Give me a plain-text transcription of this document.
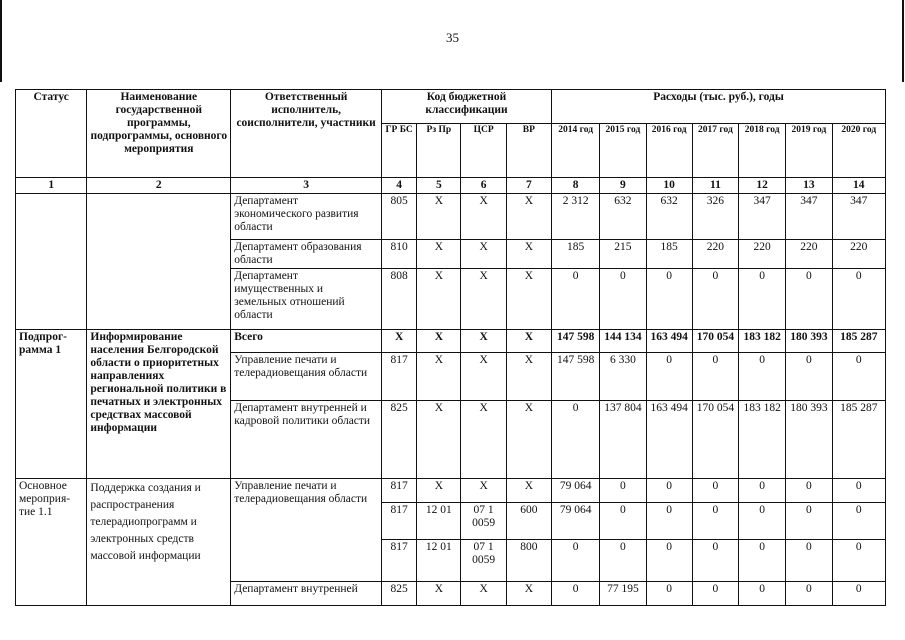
35
Статус	Наименование государственной программы, подпрограммы, основного мероприятия	Ответственный исполнитель, соисполнители, участники	Код бюджетной классификации				Расходы (тыс. руб.), годы						
			ГР БС	Рз Пр	ЦСР	ВР	2014 год	2015 год	2016 год	2017 год	2018 год	2019 год	2020 год
1	2	3	4	5	6	7	8	9	10	11	12	13	14
		Департамент экономического развития области	805	Х	Х	Х	2 312	632	632	326	347	347	347
		Департамент образования области	810	Х	Х	Х	185	215	185	220	220	220	220
		Департамент имущественных и земельных отношений области	808	Х	Х	Х	0	0	0	0	0	0	0
Подпрог-рамма 1	Информирование населения Белгородской области о приоритетных направлениях региональной политики в печатных и электронных средствах массовой информации	Всего	Х	Х	Х	Х	147 598	144 134	163 494	170 054	183 182	180 393	185 287
		Управление печати и телерадиовещания области	817	Х	Х	Х	147 598	6 330	0	0	0	0	0
		Департамент внутренней и кадровой политики области	825	Х	Х	Х	0	137 804	163 494	170 054	183 182	180 393	185 287
Основное мероприя-тие 1.1	Поддержка создания и распространения телерадиопрограмм и электронных средств массовой информации	Управление печати и телерадиовещания области	817	Х	Х	Х	79 064	0	0	0	0	0	0
			817	12 01	07 1 0059	600	79 064	0	0	0	0	0	0
			817	12 01	07 1 0059	800	0	0	0	0	0	0	0
		Департамент внутренней	825	Х	Х	Х	0	77 195	0	0	0	0	0
